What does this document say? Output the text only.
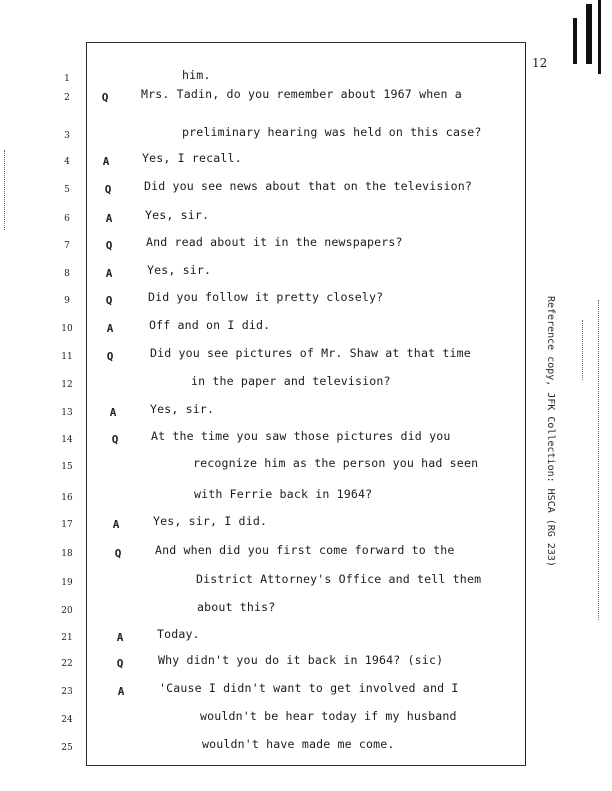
12
Reference copy, JFK Collection: HSCA (RG 233)
1	him.
2	Q	Mrs. Tadin, do you remember about 1967 when a
3	preliminary hearing was held on this case?
4	A	Yes, I recall.
5	Q	Did you see news about that on the television?
6	A	Yes, sir.
7	Q	And read about it in the newspapers?
8	A	Yes, sir.
9	Q	Did you follow it pretty closely?
10	A	Off and on I did.
11	Q	Did you see pictures of Mr. Shaw at that time
12	in the paper and television?
13	A	Yes, sir.
14	Q	At the time you saw those pictures did you
15	recognize him as the person you had seen
16	with Ferrie back in 1964?
17	A	Yes, sir, I did.
18	Q	And when did you first come forward to the
19	District Attorney's Office and tell them
20	about this?
21	A	Today.
22	Q	Why didn't you do it back in 1964? (sic)
23	A	'Cause I didn't want to get involved and I
24	wouldn't be hear today if my husband
25	wouldn't have made me come.
